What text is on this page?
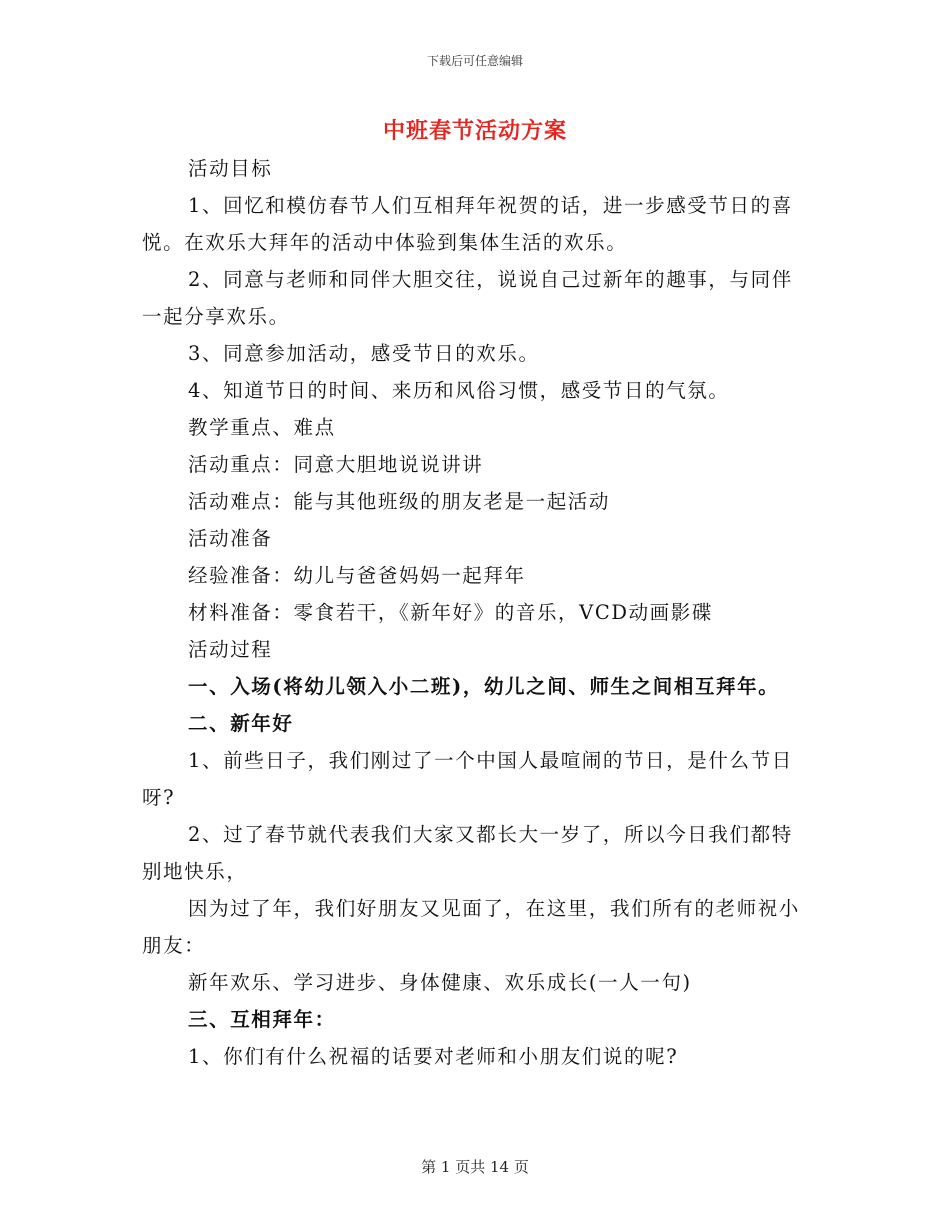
下载后可任意编辑
中班春节活动方案

活动目标

1、回忆和模仿春节人们互相拜年祝贺的话，进一步感受节日的喜悦。在欢乐大拜年的活动中体验到集体生活的欢乐。

2、同意与老师和同伴大胆交往，说说自己过新年的趣事，与同伴一起分享欢乐。

3、同意参加活动，感受节日的欢乐。

4、知道节日的时间、来历和风俗习惯，感受节日的气氛。

教学重点、难点

活动重点：同意大胆地说说讲讲

活动难点：能与其他班级的朋友老是一起活动

活动准备

经验准备：幼儿与爸爸妈妈一起拜年

材料准备：零食若干，《新年好》的音乐，VCD动画影碟

活动过程

一、入场(将幼儿领入小二班)，幼儿之间、师生之间相互拜年。

二、新年好

1、前些日子，我们刚过了一个中国人最喧闹的节日，是什么节日呀?

2、过了春节就代表我们大家又都长大一岁了，所以今日我们都特别地快乐，

因为过了年，我们好朋友又见面了，在这里，我们所有的老师祝小朋友：

新年欢乐、学习进步、身体健康、欢乐成长(一人一句)

三、互相拜年：

1、你们有什么祝福的话要对老师和小朋友们说的呢?

第 1 页共 14 页
